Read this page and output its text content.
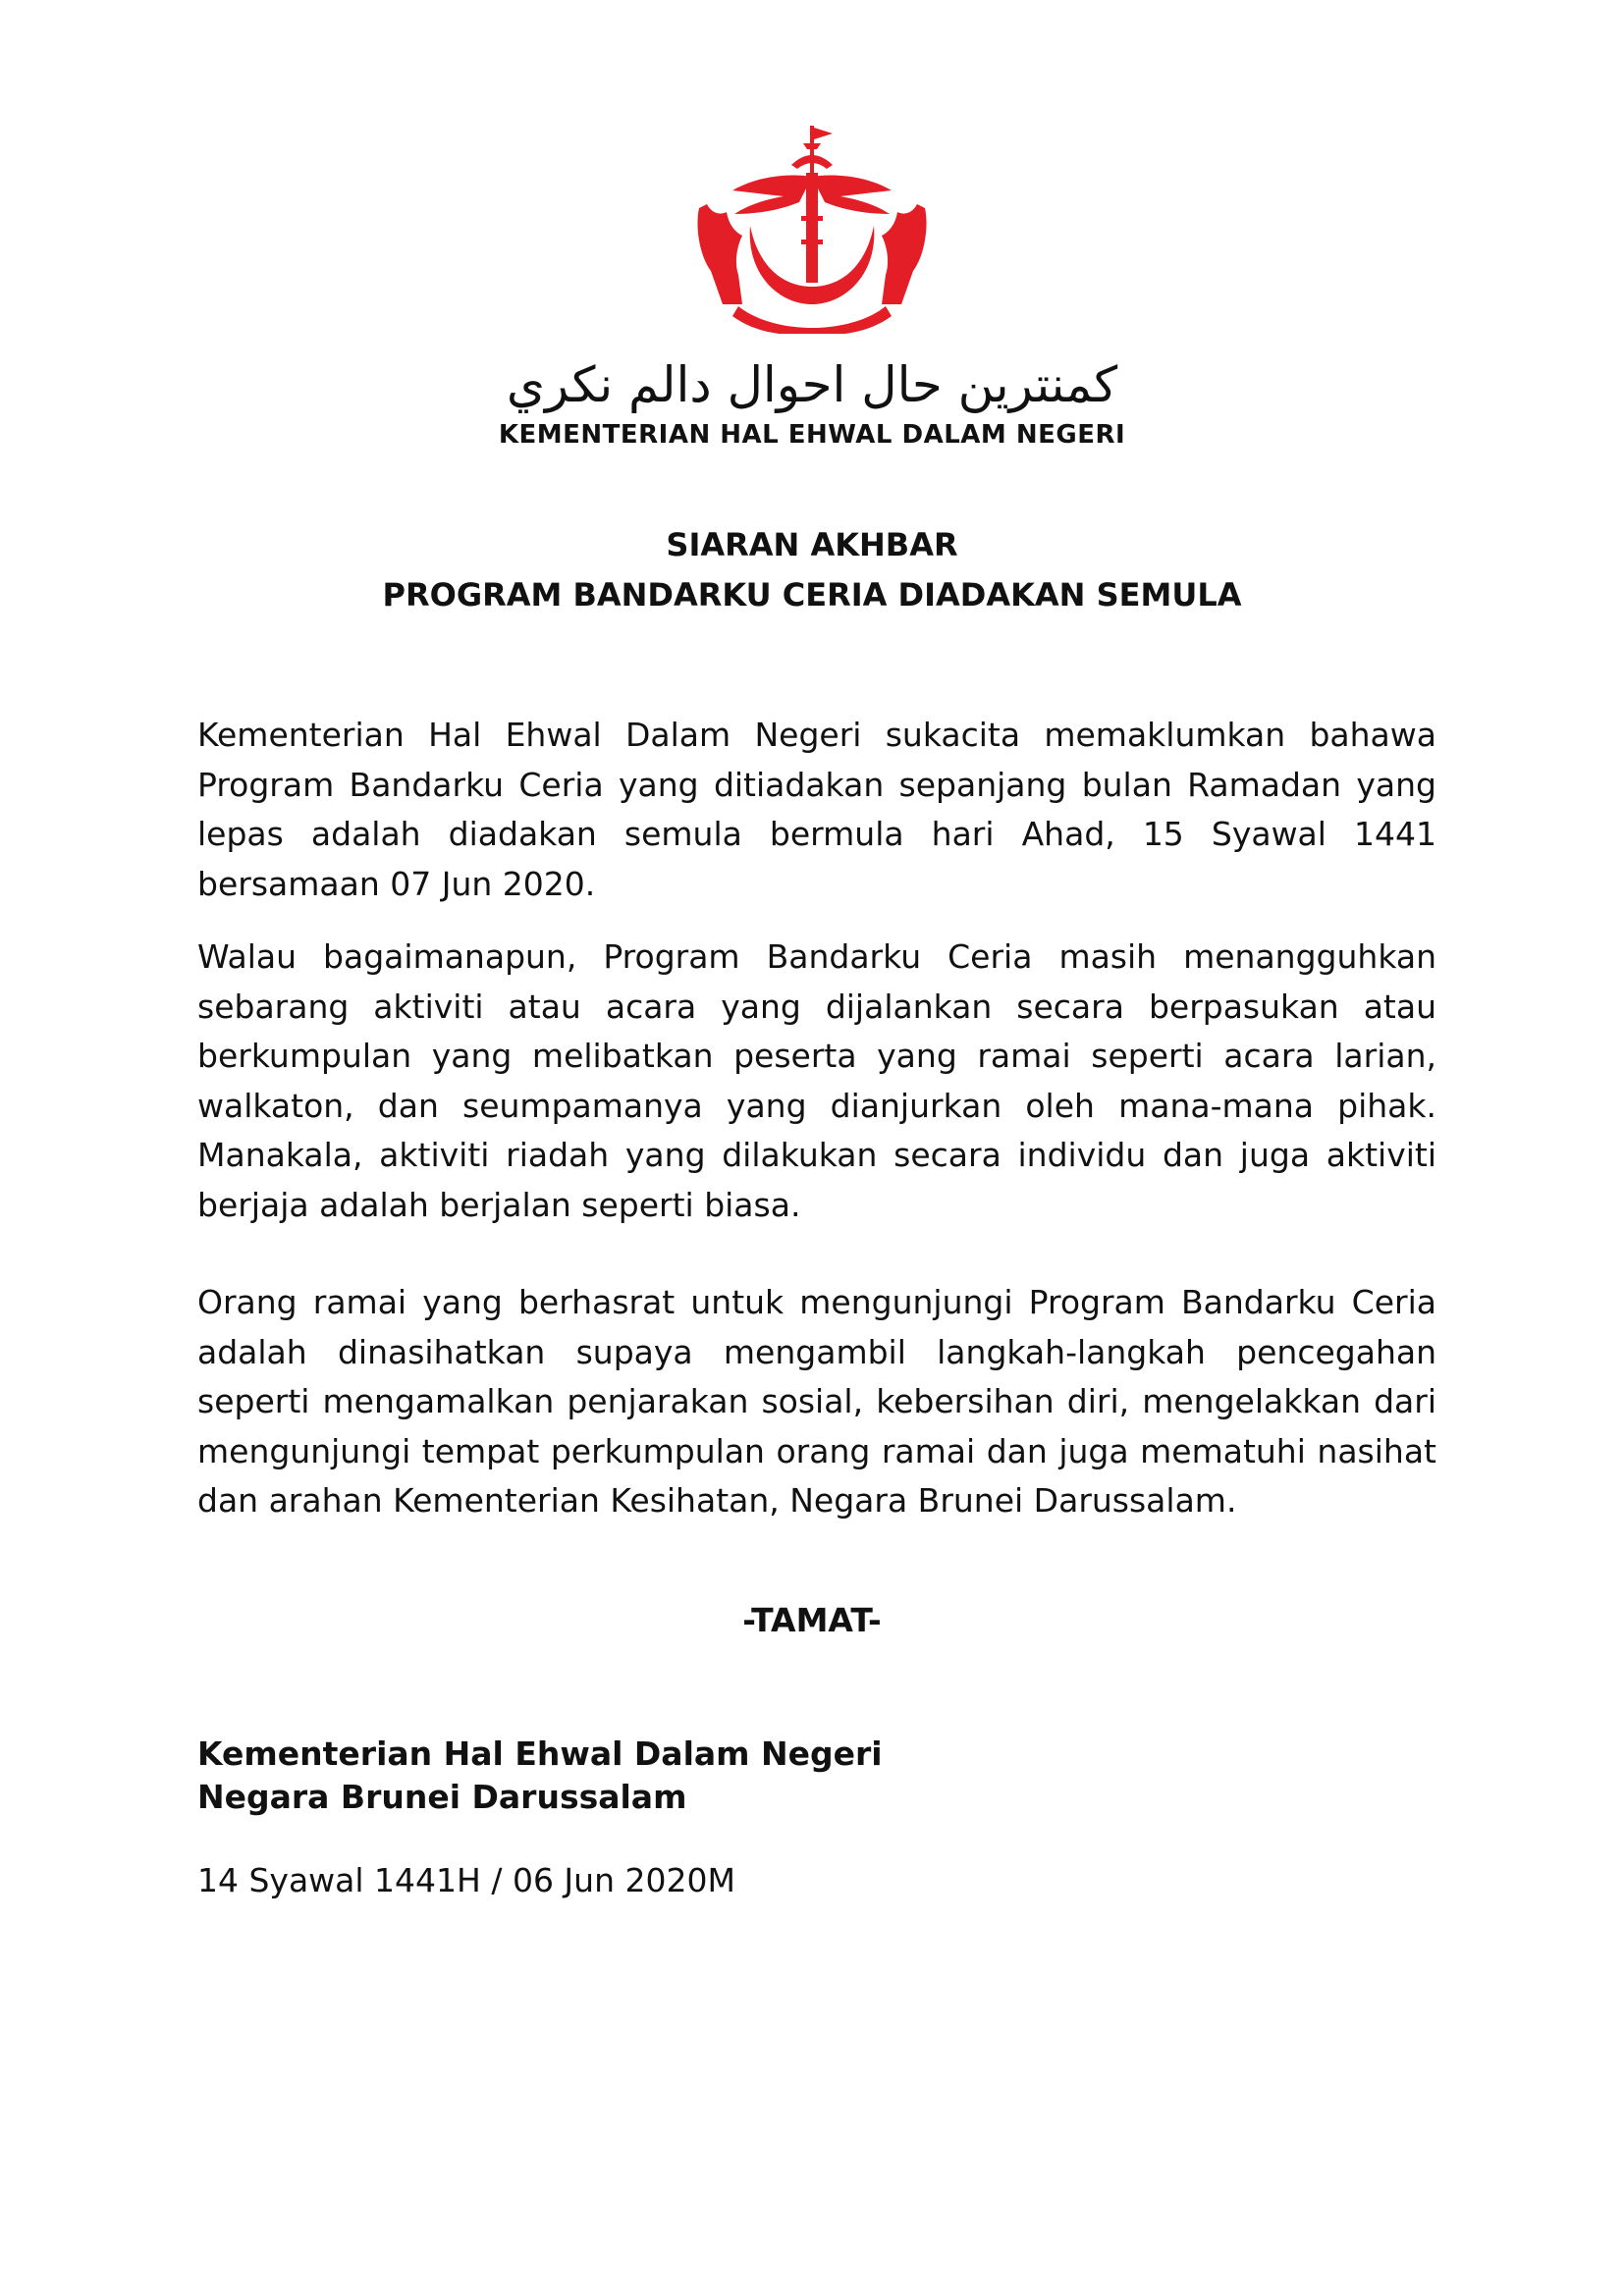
كمنترين حال احوال دالم نكري
KEMENTERIAN HAL EHWAL DALAM NEGERI
SIARAN AKHBAR
PROGRAM BANDARKU CERIA DIADAKAN SEMULA

Kementerian Hal Ehwal Dalam Negeri sukacita memaklumkan bahawa Program Bandarku Ceria yang ditiadakan sepanjang bulan Ramadan yang lepas adalah diadakan semula bermula hari Ahad, 15 Syawal 1441 bersamaan 07 Jun 2020.

Walau bagaimanapun, Program Bandarku Ceria masih menangguhkan sebarang aktiviti atau acara yang dijalankan secara berpasukan atau berkumpulan yang melibatkan peserta yang ramai seperti acara larian, walkaton, dan seumpamanya yang dianjurkan oleh mana-mana pihak. Manakala, aktiviti riadah yang dilakukan secara individu dan juga aktiviti berjaja adalah berjalan seperti biasa.

Orang ramai yang berhasrat untuk mengunjungi Program Bandarku Ceria adalah dinasihatkan supaya mengambil langkah-langkah pencegahan seperti mengamalkan penjarakan sosial, kebersihan diri, mengelakkan dari mengunjungi tempat perkumpulan orang ramai dan juga mematuhi nasihat dan arahan Kementerian Kesihatan, Negara Brunei Darussalam.

-TAMAT-
Kementerian Hal Ehwal Dalam Negeri
Negara Brunei Darussalam
14 Syawal 1441H / 06 Jun 2020M
